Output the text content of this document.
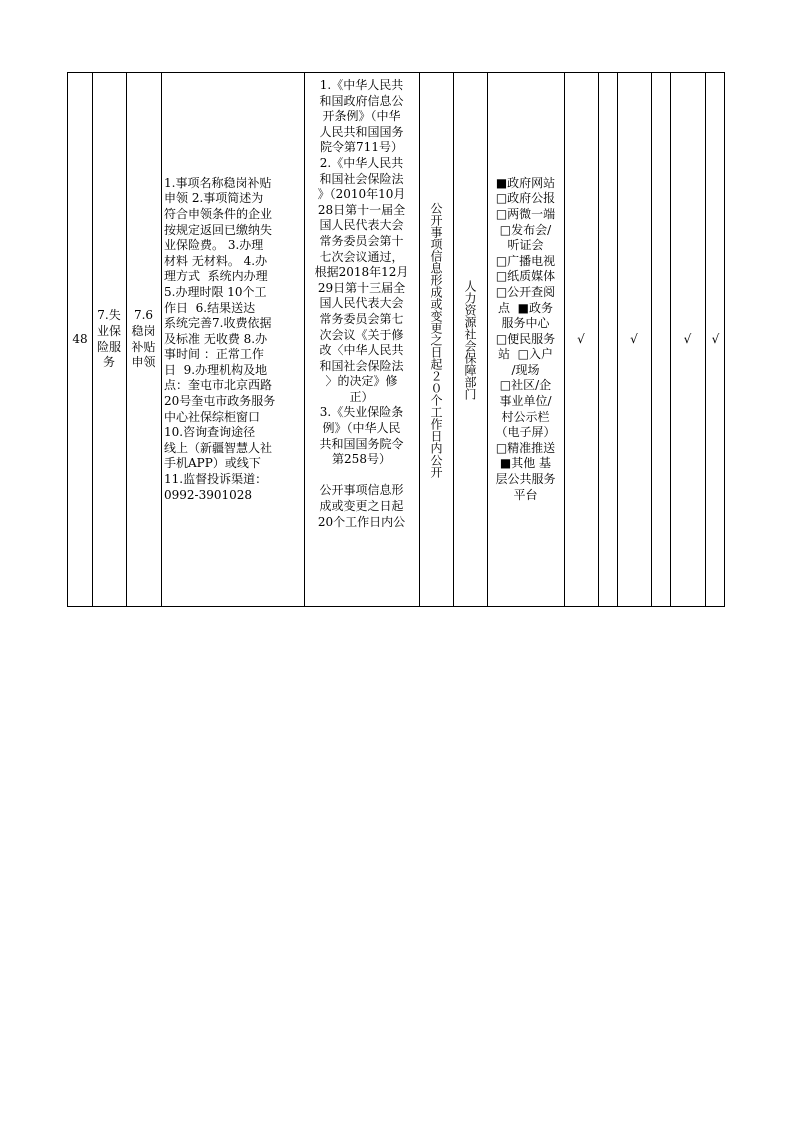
48
7.失
业保
险服
务
7.6
稳岗
补贴
申领
1.事项名称稳岗补贴
申领 2.事项简述为
符合申领条件的企业
按规定返回已缴纳失
业保险费。 3.办理
材料 无材料。 4.办
理方式  系统内办理
5.办理时限 10个工
作日  6.结果送达
系统完善7.收费依据
及标准 无收费 8.办
事时间 ：正常工作
日  9.办理机构及地
点：奎屯市北京西路
20号奎屯市政务服务
中心社保综柜窗口
10.咨询查询途径
线上（新疆智慧人社
手机APP）或线下
11.监督投诉渠道：
0992-3901028
1.《中华人民共
和国政府信息公
开条例》（中华
人民共和国国务
院令第711号）
2.《中华人民共
和国社会保险法
》（2010年10月
28日第十一届全
国人民代表大会
常务委员会第十
七次会议通过，
根据2018年12月
29日第十三届全
国人民代表大会
常务委员会第七
次会议《关于修
改〈中华人民共
和国社会保险法
〉的决定》修
正）
3.《失业保险条
例》（中华人民
共和国国务院令
第258号）

公开事项信息形
成或变更之日起
20个工作日内公
公开事项信息形成或变更之日起２０个工作日内公开 人力资源社会保障部门
■政府网站
□政府公报
□两微一端
□发布会/
听证会
□广播电视
□纸质媒体
□公开查阅
点  ■政务
服务中心
□便民服务
站  □入户
/现场
□社区/企
事业单位/
村公示栏
（电子屏）
□精准推送
■其他 基
层公共服务
平台
√	√	√ √
